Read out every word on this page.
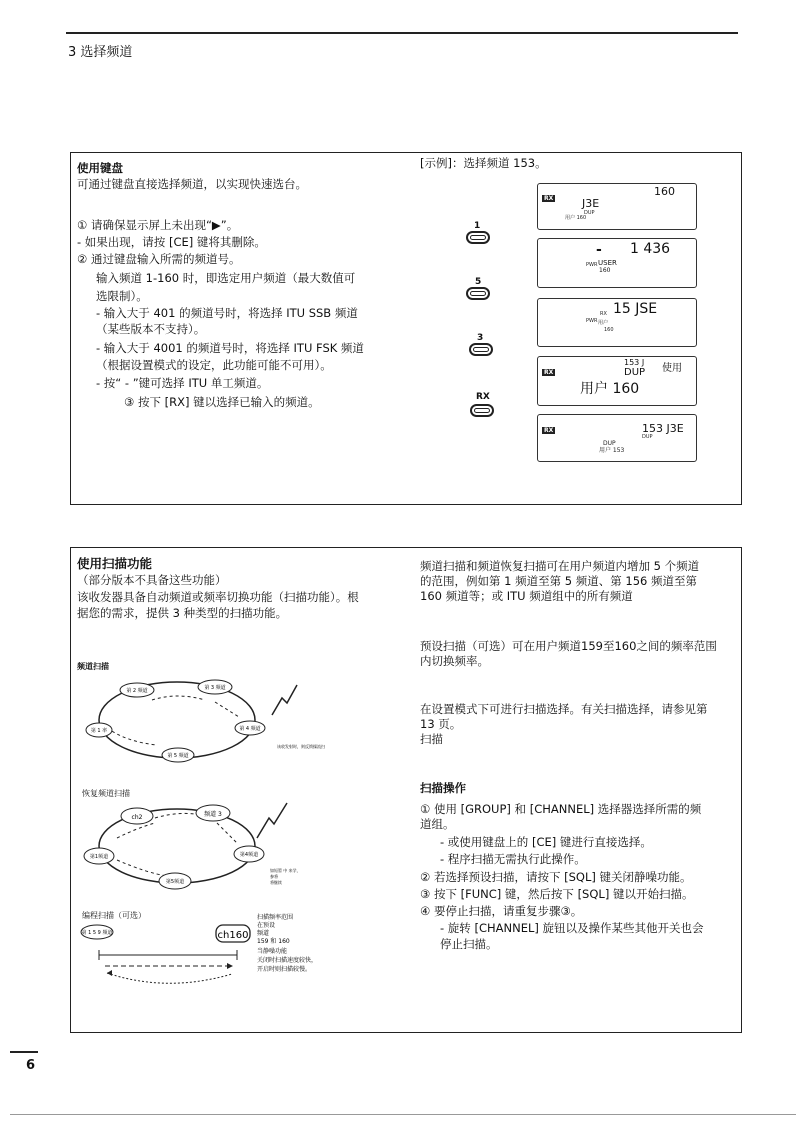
3 选择频道
使用键盘
可通过键盘直接选择频道，以实现快速选台。
① 请确保显示屏上未出现“▶”。
- 如果出现，请按 [CE] 键将其删除。
② 通过键盘输入所需的频道号。
输入频道 1-160 时，即选定用户频道（最大数值可
选限制）。
- 输入大于 401 的频道号时，将选择 ITU SSB 频道
（某些版本不支持）。
- 输入大于 4001 的频道号时，将选择 ITU FSK 频道
（根据设置模式的设定，此功能可能不可用）。
- 按“ - ”键可选择 ITU 单工频道。
③ 按下 [RX] 键以选择已输入的频道。
[示例]：选择频道 153。
1
5
3
RX
RX
160
J3E
DUP
用户 160
- 1 436
PWR USER
160
15 JSE
RX
PWR 用户
160
RX
153 J
使用
DUP
用户 160
RX	153 J3E
DUP
DUP
用户 153
使用扫描功能
（部分版本不具备这些功能）
该收发器具备自动频道或频率切换功能（扫描功能）。根
据您的需求，提供 3 种类型的扫描功能。
频道扫描
第 2 频道	第 3 频道
第 1 率	第 4 频道
第 5 频道
该收发射时，则反馈操流扫
恢复频道扫描
ch2	频道 3
第1频道	第4频道
第5频道
如短暂 中 来学，
参将
将继续
编程扫描（可选）
第 1 5 9 频道	ch160
扫描频率范围
在预设
频道
159 和 160
当静噪功能
关闭时扫描速度较快，
开启时则扫描较慢。
频道扫描和频道恢复扫描可在用户频道内增加 5 个频道
的范围，例如第 1 频道至第 5 频道、第 156 频道至第
160 频道等；或 ITU 频道组中的所有频道
预设扫描（可选）可在用户频道159至160之间的频率范围
内切换频率。
在设置模式下可进行扫描选择。有关扫描选择，请参见第
13 页。
扫描
扫描操作
① 使用 [GROUP] 和 [CHANNEL] 选择器选择所需的频
道组。
- 或使用键盘上的 [CE] 键进行直接选择。
- 程序扫描无需执行此操作。
② 若选择预设扫描，请按下 [SQL] 键关闭静噪功能。
③ 按下 [FUNC] 键，然后按下 [SQL] 键以开始扫描。
④ 要停止扫描，请重复步骤③。
- 旋转 [CHANNEL] 旋钮以及操作某些其他开关也会
停止扫描。
6
